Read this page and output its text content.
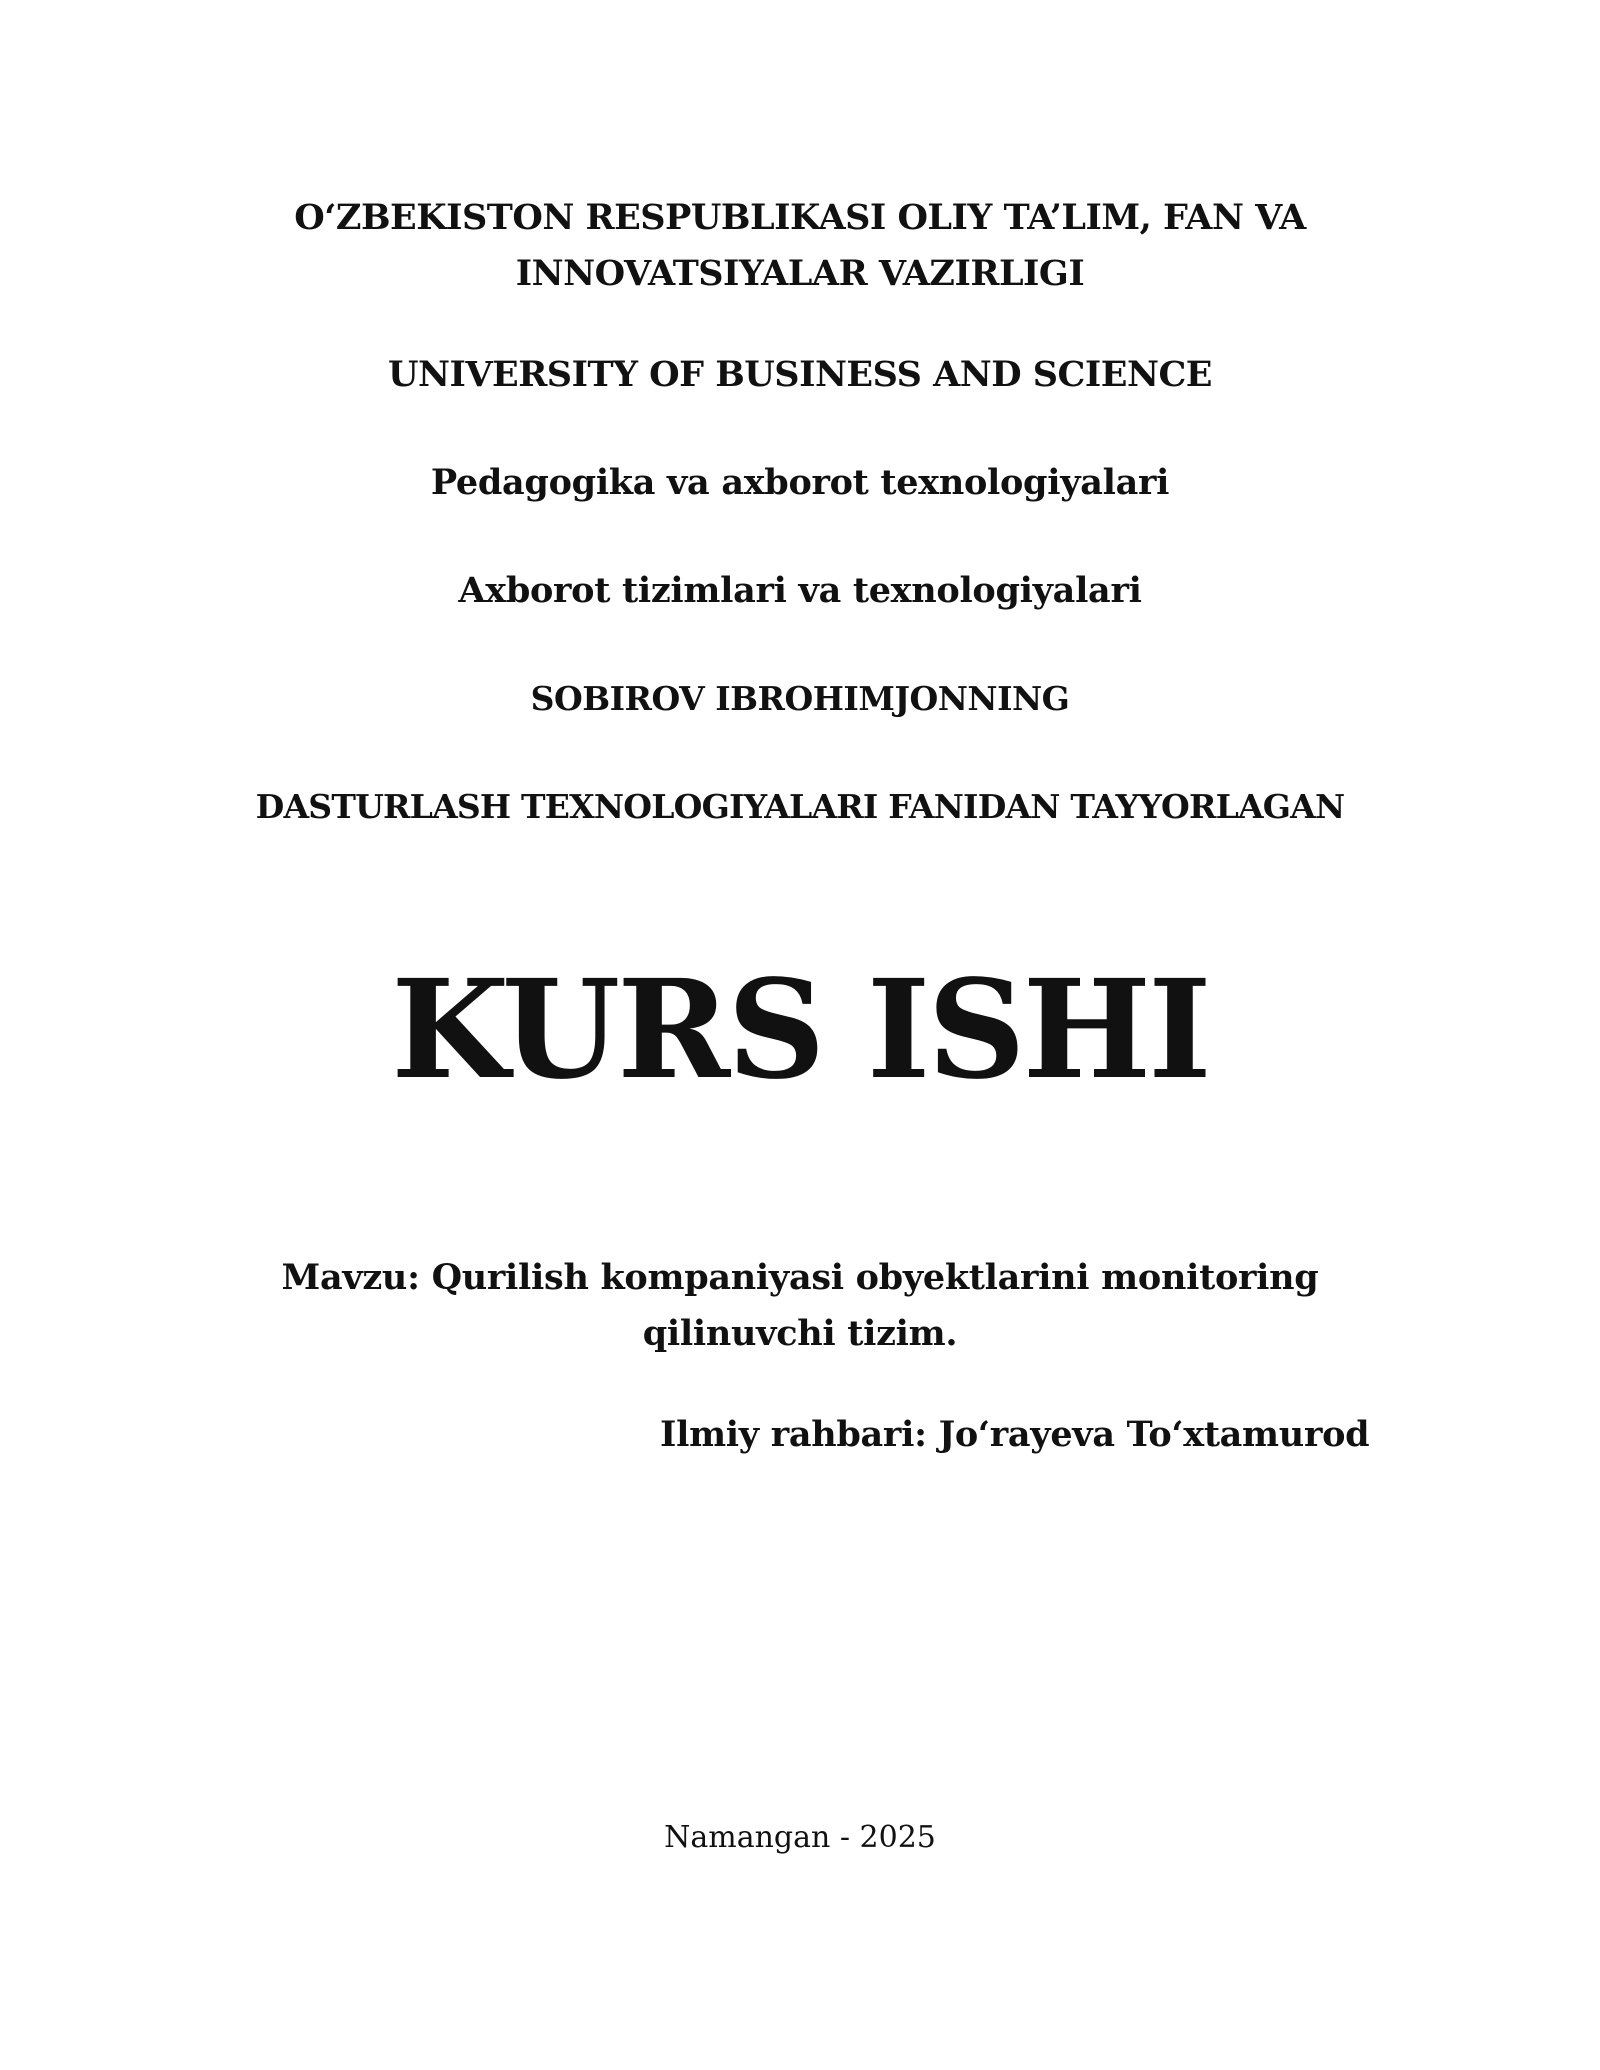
O‘ZBEKISTON RESPUBLIKASI OLIY TA’LIM, FAN VA
INNOVATSIYALAR VAZIRLIGI
UNIVERSITY OF BUSINESS AND SCIENCE
Pedagogika va axborot texnologiyalari
Axborot tizimlari va texnologiyalari
SOBIROV IBROHIMJONNING
DASTURLASH TEXNOLOGIYALARI FANIDAN TAYYORLAGAN
KURS ISHI
Mavzu: Qurilish kompaniyasi obyektlarini monitoring
qilinuvchi tizim.
Ilmiy rahbari: Jo‘rayeva To‘xtamurod
Namangan - 2025
